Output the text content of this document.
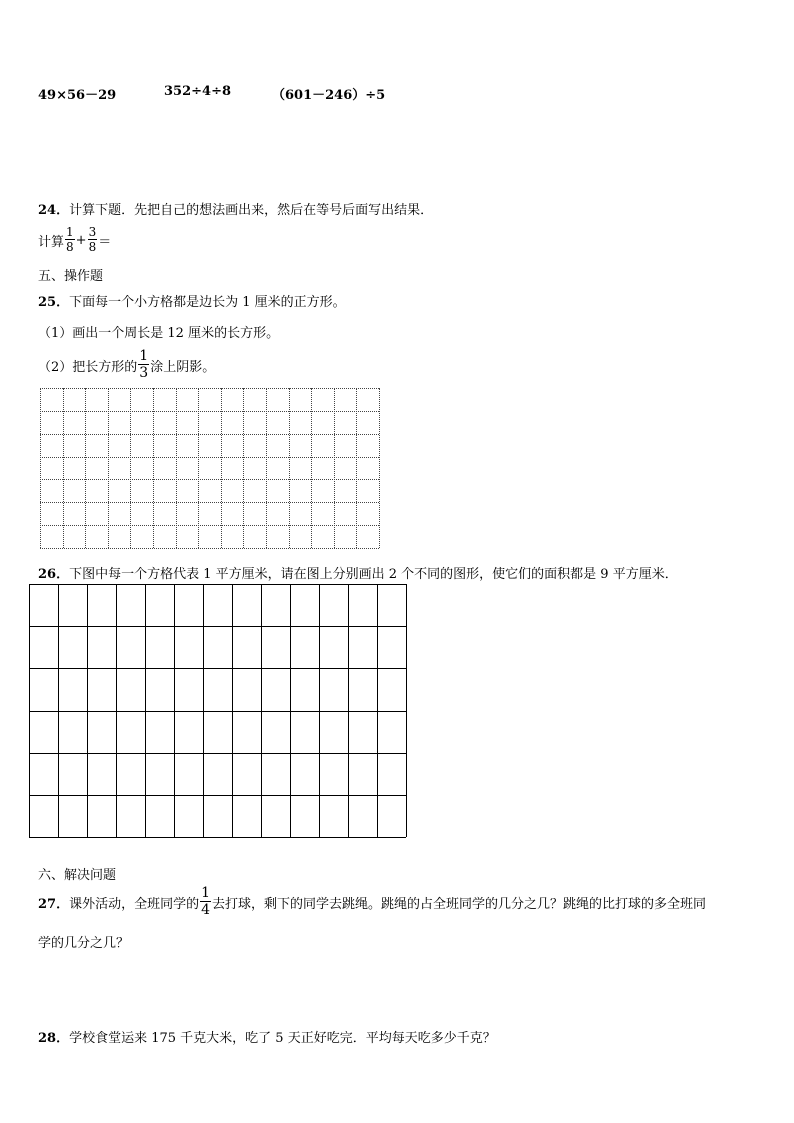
49×56－29	352÷4÷8	（601－246）÷5
24．计算下题．先把自己的想法画出来，然后在等号后面写出结果．
计算 $\frac{1}{8} + \frac{3}{8}$ ＝
五、操作题
25．下面每一个小方格都是边长为 1 厘米的正方形。
（1）画出一个周长是 12 厘米的长方形。
（2）把长方形的 $\frac{1}{3}$ 涂上阴影。
26．下图中每一个方格代表 1 平方厘米，请在图上分别画出 2 个不同的图形，使它们的面积都是 9 平方厘米．
六、解决问题
27．课外活动，全班同学的 $\frac{1}{4}$ 去打球，剩下的同学去跳绳。跳绳的占全班同学的几分之几？跳绳的比打球的多全班同
学的几分之几？
28．学校食堂运来 175 千克大米，吃了 5 天正好吃完．平均每天吃多少千克？
